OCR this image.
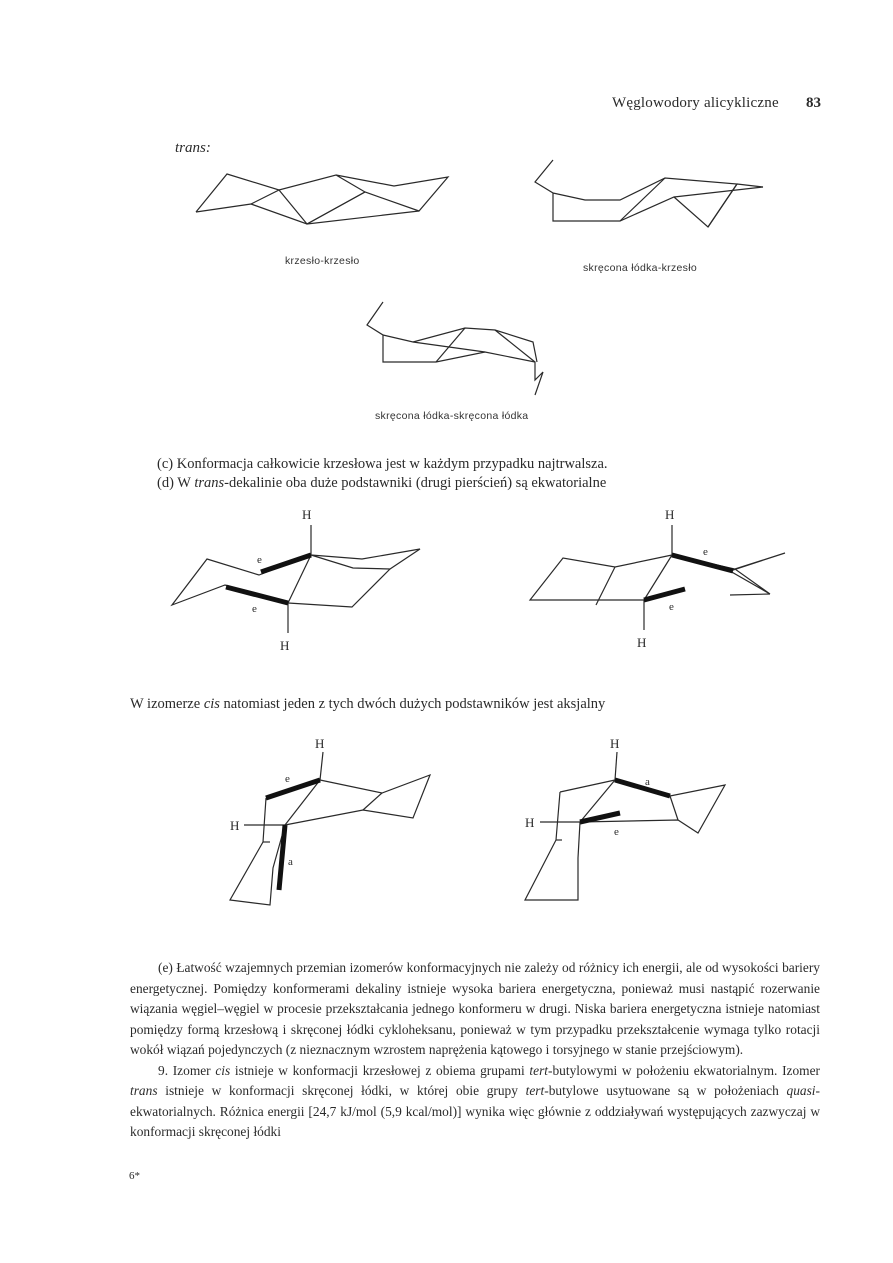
Węglowodory alicykliczne 83
trans:
krzesło-krzesło
skręcona łódka-krzesło
skręcona łódka-skręcona łódka
(c) Konformacja całkowicie krzesłowa jest w każdym przypadku najtrwalsza.
(d) W trans-dekalinie oba duże podstawniki (drugi pierścień) są ekwatorialne
H
H
e
e
H
H
e
e
W izomerze cis natomiast jeden z tych dwóch dużych podstawników jest aksjalny
H
H
e
a
H
H
a
e

(e) Łatwość wzajemnych przemian izomerów konformacyjnych nie zależy od różnicy ich energii, ale od wysokości bariery energetycznej. Pomiędzy konformerami dekaliny istnieje wysoka bariera energetyczna, ponieważ musi nastąpić rozerwanie wiązania węgiel–węgiel w procesie przekształcania jednego konformeru w drugi. Niska bariera energetyczna istnieje natomiast pomiędzy formą krzesłową i skręconej łódki cykloheksanu, ponieważ w tym przypadku przekształcenie wymaga tylko rotacji wokół wiązań pojedynczych (z nieznacznym wzrostem naprężenia kątowego i torsyjnego w stanie przejściowym).

9. Izomer cis istnieje w konformacji krzesłowej z obiema grupami tert-butylowymi w położeniu ekwatorialnym. Izomer trans istnieje w konformacji skręconej łódki, w której obie grupy tert-butylowe usytuowane są w położeniach quasi-ekwatorialnych. Różnica energii [24,7 kJ/mol (5,9 kcal/mol)] wynika więc głównie z oddziaływań występujących zazwyczaj w konformacji skręconej łódki

6*
